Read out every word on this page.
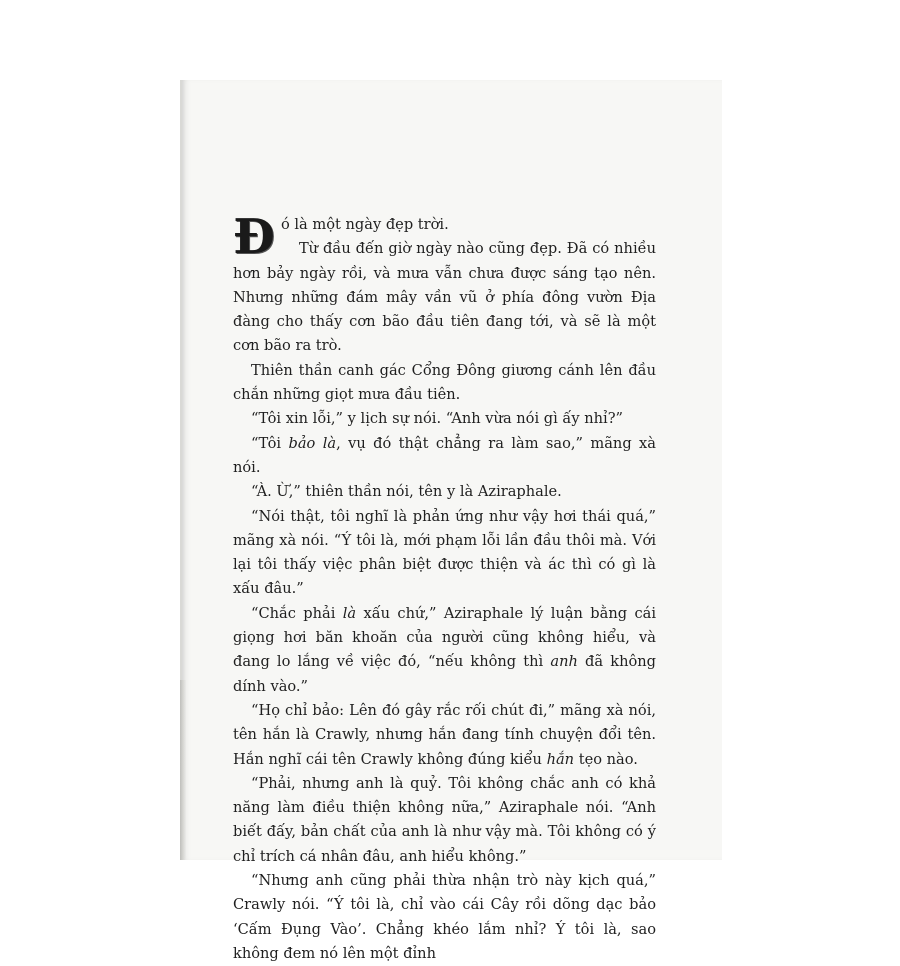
Đ ó là một ngày đẹp trời.

Từ đầu đến giờ ngày nào cũng đẹp. Đã có nhiều hơn bảy ngày rồi, và mưa vẫn chưa được sáng tạo nên. Nhưng những đám mây vần vũ ở phía đông vườn Địa đàng cho thấy cơn bão đầu tiên đang tới, và sẽ là một cơn bão ra trò.

Thiên thần canh gác Cổng Đông giương cánh lên đầu chắn những giọt mưa đầu tiên.

“Tôi xin lỗi,” y lịch sự nói. “Anh vừa nói gì ấy nhỉ?”

“Tôi bảo là, vụ đó thật chẳng ra làm sao,” mãng xà nói.

“À. Ừ,” thiên thần nói, tên y là Aziraphale.

“Nói thật, tôi nghĩ là phản ứng như vậy hơi thái quá,” mãng xà nói. “Ý tôi là, mới phạm lỗi lần đầu thôi mà. Với lại tôi thấy việc phân biệt được thiện và ác thì có gì là xấu đâu.”

“Chắc phải là xấu chứ,” Aziraphale lý luận bằng cái giọng hơi băn khoăn của người cũng không hiểu, và đang lo lắng về việc đó, “nếu không thì anh đã không dính vào.”

“Họ chỉ bảo: Lên đó gây rắc rối chút đi,” mãng xà nói, tên hắn là Crawly, nhưng hắn đang tính chuyện đổi tên. Hắn nghĩ cái tên Crawly không đúng kiểu hắn tẹo nào.

“Phải, nhưng anh là quỷ. Tôi không chắc anh có khả năng làm điều thiện không nữa,” Aziraphale nói. “Anh biết đấy, bản chất của anh là như vậy mà. Tôi không có ý chỉ trích cá nhân đâu, anh hiểu không.”

“Nhưng anh cũng phải thừa nhận trò này kịch quá,” Crawly nói. “Ý tôi là, chỉ vào cái Cây rồi dõng dạc bảo ‘Cấm Đụng Vào’. Chẳng khéo lắm nhỉ? Ý tôi là, sao không đem nó lên một đỉnh
